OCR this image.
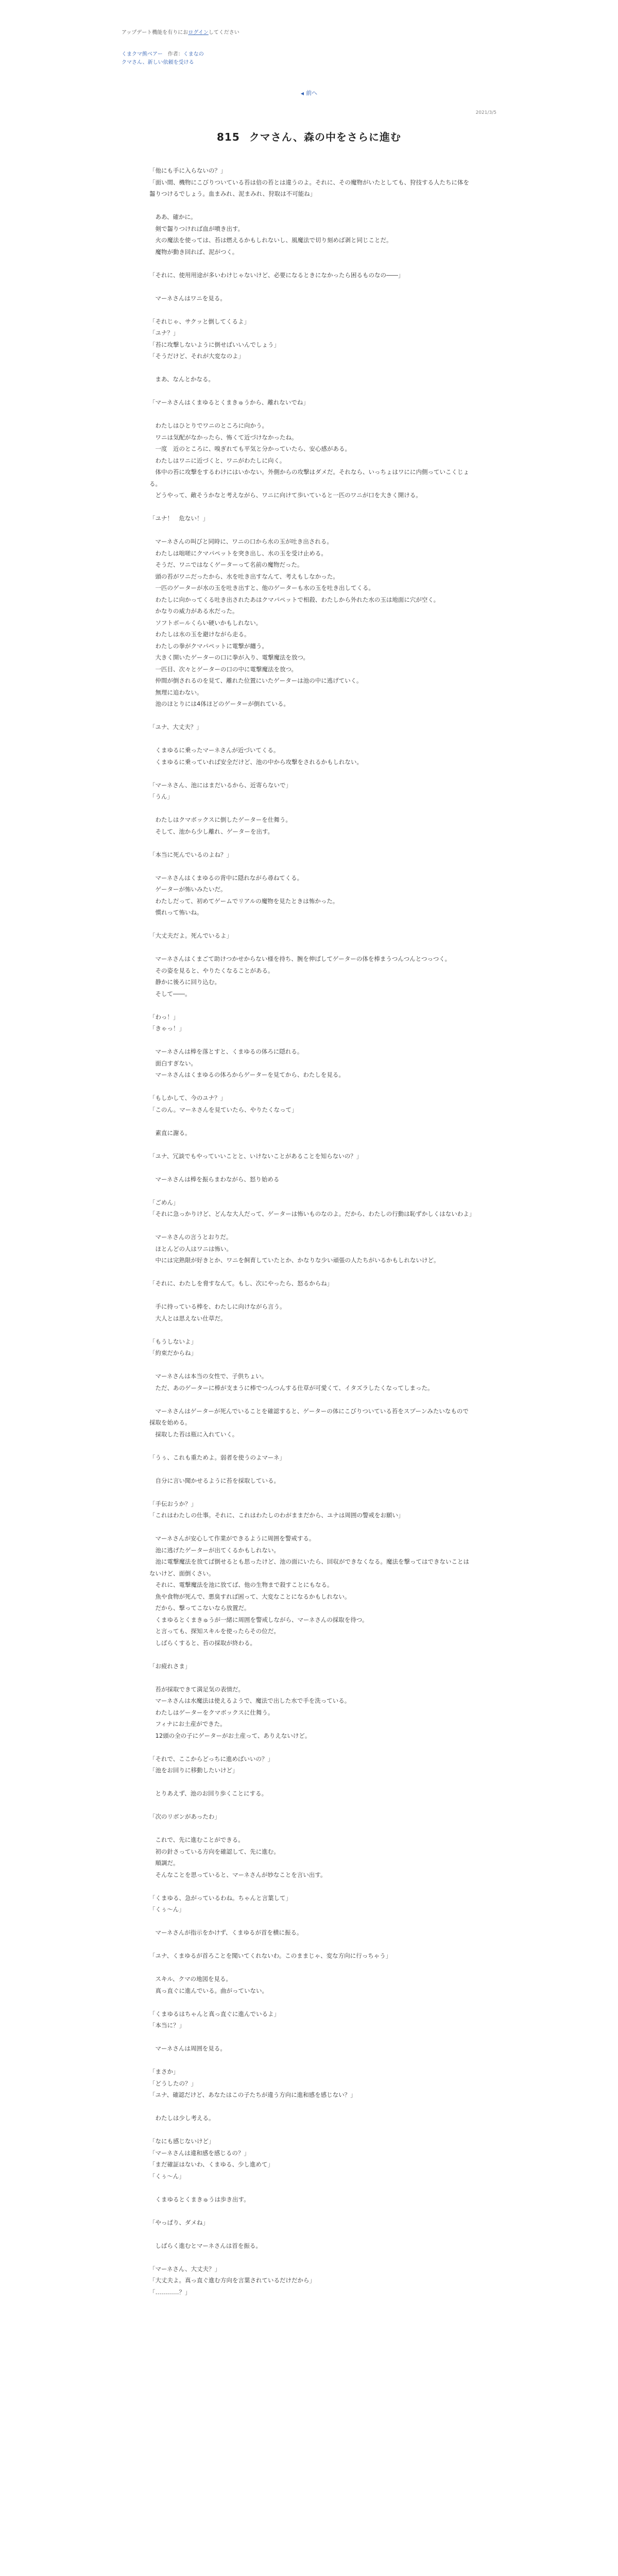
アップデート機能を有りにおログインしてください
くまクマ熊ベアー 作者：くまなの
クマさん、新しい依頼を受ける
◀ 前へ
2021/3/5
815 クマさん、森の中をさらに進む

「他にも手に入らないの？」

「面い間、機物にこびりついている苔は倍の苔とは違うのよ。それに、その魔物がいたとしても、狩技する人たちに体を齧りつけるでしょう。血まみれ、泥まみれ、狩取は不可能ね」

　ああ、確かに。

　剣で齧りつければ血が噴き出す。

　火の魔法を使っては、苔は燃えるかもしれないし、風魔法で切り刻めば剥と同じことだ。

　魔物が動き回れば、泥がつく。

「それに、使用用途が多いわけじゃないけど、必要になるときになかったら困るものなの――」

　マーネさんはワニを見る。

「それじゃ、サクッと倒してくるよ」

「ユナ？」

「苔に攻撃しないように倒せばいいんでしょう」

「そうだけど、それが大変なのよ」

　まあ、なんとかなる。

「マーネさんはくまゆるとくまきゅうから、離れないでね」

　わたしはひとりでワニのところに向かう。

　ワニは気配がなかったら、怖くて近づけなかったね。

　一度　近のところに、嗅ぎれても平気と分かっていたら、安心感がある。

　わたしはワニに近づくと、ワニがわたしに向く。

　体中の苔に攻撃をするわけにはいかない。外側からの攻撃はダメだ。それなら、いっちょはワにに内側っていこくじょる。

　どうやって、敵そうかなと考えながら、ワニに向けて歩いていると一匹のワニが口を大きく開ける。

「ユナ！　危ない！」

　マーネさんの叫びと同時に、ワニの口から水の玉が吐き出される。

　わたしは咄嗟にクマパペットを突き出し、水の玉を受け止める。

　そうだ、ワニではなくゲーターって名前の魔物だった。

　頭の苔がワニだったから、水を吐き出すなんて、考えもしなかった。

　一匹のゲーターが水の玉を吐き出すと、他のゲーターも水の玉を吐き出してくる。

　わたしに向かってくる吐き出されたあはクマパペットで相殺、わたしから外れた水の玉は地面に穴が空く。

　かなりの威力がある水だった。

　ソフトボールくらい硬いかもしれない。

　わたしは水の玉を避けながら走る。

　わたしの拳がクマパペットに電撃が纏う。

　大きく開いたゲーターの口に拳が入り、電撃魔法を放つ。

　一匹目、次々とゲーターの口の中に電撃魔法を放つ。

　仲間が倒されるのを見て、離れた位置にいたゲーターは池の中に逃げていく。

　無理に追わない。

　池のほとりには4体ほどのゲーターが倒れている。

「ユナ、大丈夫？」

　くまゆるに乗ったマーネさんが近づいてくる。

　くまゆるに乗っていれば安全だけど、池の中から攻撃をされるかもしれない。

「マーネさん、池にはまだいるから、近寄らないで」

「うん」

　わたしはクマボックスに倒したゲーターを仕舞う。

　そして、池から少し離れ、ゲーターを出す。

「本当に死んでいるのよね？」

　マーネさんはくまゆるの背中に隠れながら尋ねてくる。

　ゲーターが怖いみたいだ。

　わたしだって、初めてゲームでリアルの魔物を見たときは怖かった。

　慣れって怖いね。

「大丈夫だよ。死んでいるよ」

　マーネさんはくまごて助けつかせからない様を持ち、腕を伸ばしてゲーターの体を棒まうつんつんとつっつく。

　その姿を見ると、やりたくなることがある。

　静かに後ろに回り込む。

　そして――。

「わっ！」

「きゃっ！」

　マーネさんは棒を落とすと、くまゆるの体ろに隠れる。

　面白すぎない。

　マーネさんはくまゆるの体ろからゲーターを見てから、わたしを見る。

「もしかして、今のユナ？」

「このん。マーネさんを見ていたら、やりたくなって」

　素直に謝る。

「ユナ、冗談でもやっていいことと、いけないことがあることを知らないの？」

　マーネさんは棒を振らまわながら、怒り始める

「ごめん」

「それに急っかりけど、どんな大人だって、ゲーターは怖いものなのよ。だから、わたしの行動は恥ずかしくはないわよ」

　マーネさんの言うとおりだ。

　ほとんどの人はワニは怖い。

　中には完熟限が好きとか、ワニを飼育していたとか、かなりな少い頑張の人たちがいるかもしれないけど。

「それに、わたしを脅すなんて。もし、次にやったら、怒るからね」

　手に持っている棒を、わたしに向けながら言う。

　大人とは思えない仕草だ。

「もうしないよ」

「約束だからね」

　マーネさんは本当の女性で、子供ちょい。

　ただ、あのゲーターに棒が支まうに棒でつんつんする仕草が可愛くて、イタズラしたくなってしまった。

　マーネさんはゲーターが死んでいることを確認すると、ゲーターの体にこびりついている苔をスプーンみたいなもので採取を始める。

　採取した苔は瓶に入れていく。

「うぅ、これも重ためよ。弱者を使うのよマーネ」

　自分に言い聞かせるように苔を採取している。

「手伝おうか？」

「これはわたしの仕事。それに、これはわたしのわがままだから、ユナは周囲の警戒をお願い」

　マーネさんが安心して作業ができるように周囲を警戒する。

　池に逃げたゲーターが出てくるかもしれない。

　池に電撃魔法を放てば倒せるとも思ったけど、池の面にいたら、回収ができなくなる。魔法を撃ってはできないことはないけど、面倒くさい。

　それに、電撃魔法を池に放てば、他の生物まで殺すことにもなる。

　魚や食物が死んで、悪臭すれば困って、大変なことになるかもしれない。

　だから、撃ってこないなら放置だ。

　くまゆるとくまきゅうが一緒に周囲を警戒しながら、マーネさんの採取を待つ。

　と言っても、探知スキルを使ったらその位だ。

　しばらくすると、苔の採取が終わる。

「お疲れさま」

　苔が採取できて満足気の表情だ。

　マーネさんは水魔法は使えるようで、魔法で出した水で手を洗っている。

　わたしはゲーターをクマボックスに仕舞う。

　フィナにお土産ができた。

　12頭の全の子にゲーターがお土産って、ありえないけど。

「それで、ここからどっちに進めばいいの？」

「池をお回りに移動したいけど」

　とりあえず、池のお回り歩くことにする。

「次のリボンがあったわ」

　これで、先に進むことができる。

　初の針さっている方向を確認して、先に進む。

　順調だ。

　そんなことを思っていると、マーネさんが妙なことを言い出す。

「くまゆる、急がっているわね。ちゃんと言葉して」

「くぅ〜ん」

　マーネさんが指示をかけず、くまゆるが首を横に振る。

「ユナ、くまゆるが首ろことを聞いてくれないわ。このままじゃ、変な方向に行っちゃう」

　スキル、クマの地図を見る。

　真っ直ぐに進んでいる。曲がっていない。

「くまゆるはちゃんと真っ直ぐに進んでいるよ」

「本当に？」

　マーネさんは周囲を見る。

「まさか」

「どうしたの？」

「ユナ、確認だけど、あなたはこの子たちが違う方向に進和感を感じない？」

　わたしは少し考える。

「なにも感じないけど」

「マーネさんは違和感を感じるの？」

「まだ確証はないわ、くまゆる、少し進めて」

「くぅ〜ん」

　くまゆるとくまきゅうは歩き出す。

「やっぱり、ダメね」

　しばらく進むとマーネさんは首を振る。

「マーネさん、大丈夫？」

「大丈夫よ。真っ直ぐ進む方向を言葉されているだけだから」

「…………？」
